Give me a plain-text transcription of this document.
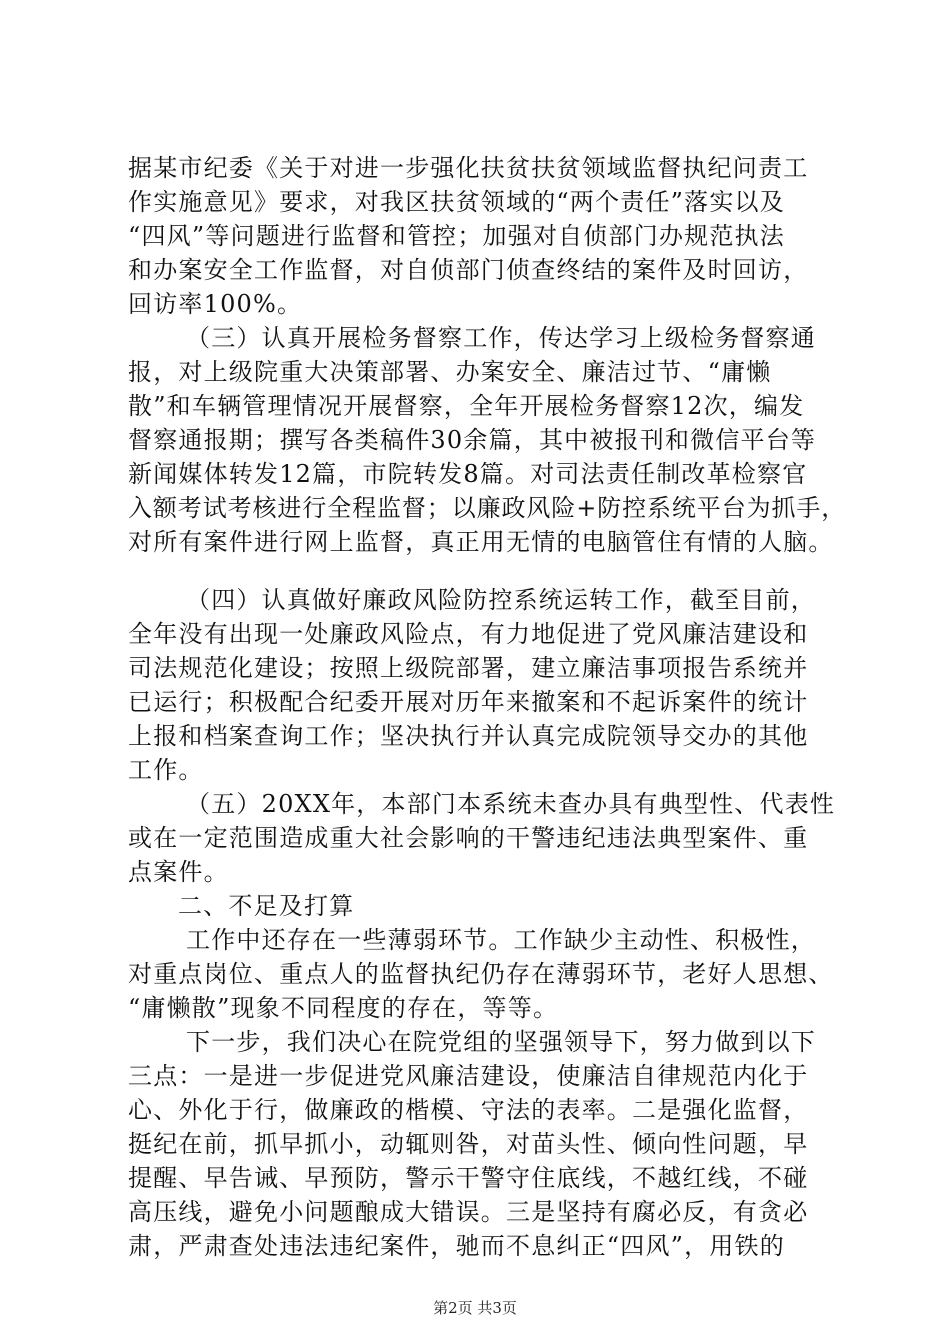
据某市纪委《关于对进一步强化扶贫扶贫领域监督执纪问责工
作实施意见》要求，对我区扶贫领域的“两个责任”落实以及
“四风”等问题进行监督和管控；加强对自侦部门办规范执法
和办案安全工作监督，对自侦部门侦查终结的案件及时回访，
回访率100%。
（三）认真开展检务督察工作，传达学习上级检务督察通
报，对上级院重大决策部署、办案安全、廉洁过节、“庸懒
散”和车辆管理情况开展督察，全年开展检务督察12次，编发
督察通报期；撰写各类稿件30余篇，其中被报刊和微信平台等
新闻媒体转发12篇，市院转发8篇。对司法责任制改革检察官
入额考试考核进行全程监督；以廉政风险+防控系统平台为抓手，
对所有案件进行网上监督，真正用无情的电脑管住有情的人脑。
（四）认真做好廉政风险防控系统运转工作，截至目前，
全年没有出现一处廉政风险点，有力地促进了党风廉洁建设和
司法规范化建设；按照上级院部署，建立廉洁事项报告系统并
已运行；积极配合纪委开展对历年来撤案和不起诉案件的统计
上报和档案查询工作；坚决执行并认真完成院领导交办的其他
工作。
（五）20XX年，本部门本系统未查办具有典型性、代表性
或在一定范围造成重大社会影响的干警违纪违法典型案件、重
点案件。
二、不足及打算
工作中还存在一些薄弱环节。工作缺少主动性、积极性，
对重点岗位、重点人的监督执纪仍存在薄弱环节，老好人思想、
“庸懒散”现象不同程度的存在，等等。
下一步，我们决心在院党组的坚强领导下，努力做到以下
三点：一是进一步促进党风廉洁建设，使廉洁自律规范内化于
心、外化于行，做廉政的楷模、守法的表率。二是强化监督，
挺纪在前，抓早抓小，动辄则咎，对苗头性、倾向性问题，早
提醒、早告诫、早预防，警示干警守住底线，不越红线，不碰
高压线，避免小问题酿成大错误。三是坚持有腐必反，有贪必
肃，严肃查处违法违纪案件，驰而不息纠正“四风”，用铁的
第2页 共3页
